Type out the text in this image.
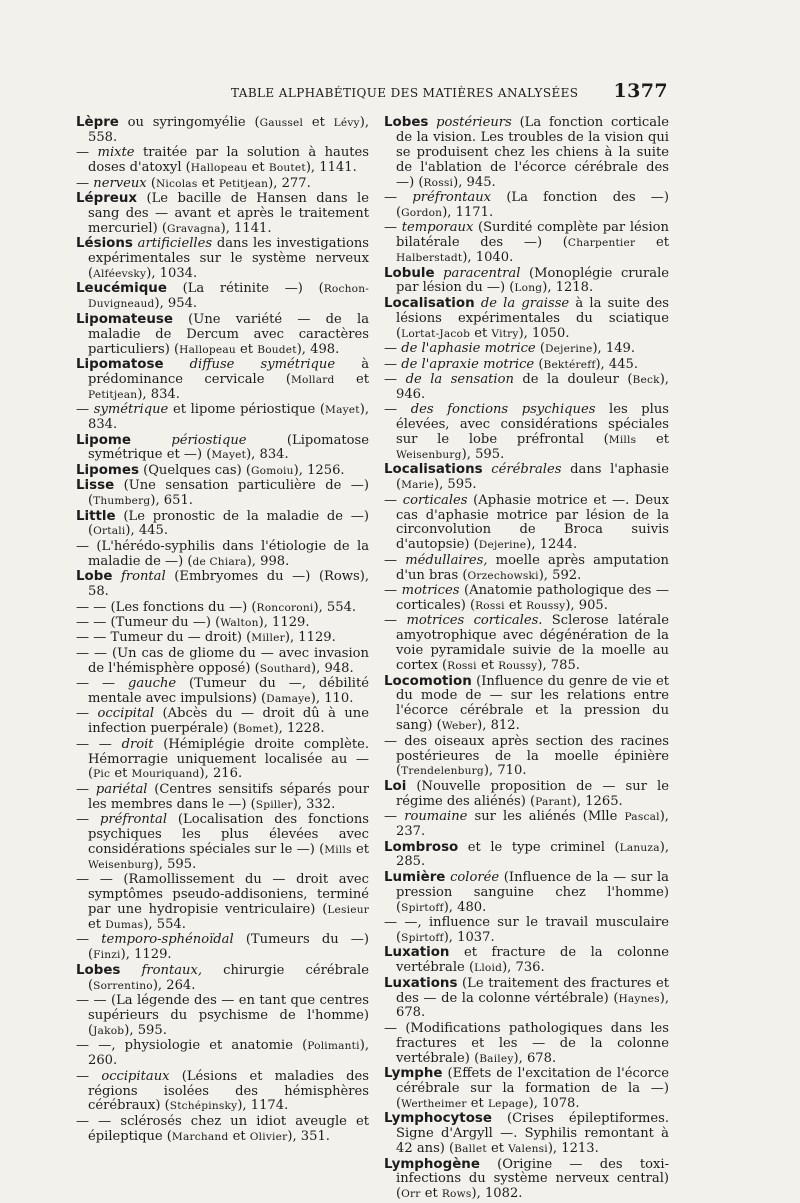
TABLE ALPHABÉTIQUE DES MATIÈRES ANALYSÉES 1377

Lèpre ou syringomyélie (Gaussel et Lévy), 558.

— mixte traitée par la solution à hautes doses d'atoxyl (Hallopeau et Boutet), 1141.

— nerveux (Nicolas et Petitjean), 277.

Lépreux (Le bacille de Hansen dans le sang des — avant et après le traitement mercuriel) (Gravagna), 1141.

Lésions artificielles dans les investigations expérimentales sur le système nerveux (Alféevsky), 1034.

Leucémique (La rétinite —) (Rochon-Duvigneaud), 954.

Lipomateuse (Une variété — de la maladie de Dercum avec caractères particuliers) (Hallopeau et Boudet), 498.

Lipomatose diffuse symétrique à prédominance cervicale (Mollard et Petitjean), 834.

— symétrique et lipome périostique (Mayet), 834.

Lipome	périostique (Lipomatose symétrique et —) (Mayet), 834.

Lipomes (Quelques cas) (Gomoiu), 1256.

Lisse (Une sensation particulière de —) (Thumberg), 651.

Little (Le pronostic de la maladie de —) (Ortali), 445.

— (L'hérédo-syphilis dans l'étiologie de la maladie de —) (de Chiara), 998.

Lobe frontal (Embryomes du —) (Rows), 58.

— — (Les fonctions du —) (Roncoroni), 554.

— — (Tumeur du —) (Walton), 1129.

— — Tumeur du — droit) (Miller), 1129.

— — (Un cas de gliome du — avec invasion de l'hémisphère opposé) (Southard), 948.

— — gauche (Tumeur du —, débilité mentale avec impulsions) (Damaye), 110.

— occipital (Abcès du — droit dû à une infection puerpérale) (Bomet), 1228.

— — droit (Hémiplégie droite complète. Hémorragie uniquement localisée au — (Pic et Mouriquand), 216.

— pariétal (Centres sensitifs séparés pour les membres dans le —) (Spiller), 332.

— préfrontal (Localisation des fonctions psychiques les plus élevées avec considérations spéciales sur le —) (Mills et Weisenburg), 595.

— — (Ramollissement du — droit avec symptômes pseudo-addisoniens, terminé par une hydropisie ventriculaire) (Lesieur et Dumas), 554.

— temporo-sphénoïdal (Tumeurs du —) (Finzi), 1129.

Lobes frontaux, chirurgie cérébrale (Sorrentino), 264.

— — (La légende des — en tant que centres supérieurs du psychisme de l'homme) (Jakob), 595.

— —, physiologie et anatomie (Polimanti), 260.

— occipitaux (Lésions et maladies des régions isolées des hémisphères cérébraux) (Stchépinsky), 1174.

— — sclérosés chez un idiot aveugle et épileptique (Marchand et Olivier), 351.

Lobes postérieurs (La fonction corticale de la vision. Les troubles de la vision qui se produisent chez les chiens à la suite de l'ablation de l'écorce cérébrale des —) (Rossi), 945.

— préfrontaux (La fonction des —) (Gordon), 1171.

— temporaux (Surdité complète par lésion bilatérale des —) (Charpentier et Halberstadt), 1040.

Lobule paracentral (Monoplégie crurale par lésion du —) (Long), 1218.

Localisation de la graisse à la suite des lésions expérimentales du sciatique (Lortat-Jacob et Vitry), 1050.

— de l'aphasie motrice (Dejerine), 149.

— de l'apraxie motrice (Bektéreff), 445.

— de la sensation de la douleur (Beck), 946.

— des fonctions psychiques les plus élevées, avec considérations spéciales sur le lobe préfrontal (Mills et Weisenburg), 595.

Localisations cérébrales dans l'aphasie (Marie), 595.

— corticales (Aphasie motrice et —. Deux cas d'aphasie motrice par lésion de la circonvolution de Broca suivis d'autopsie) (Dejerine), 1244.

— médullaires, moelle après amputation d'un bras (Orzechowski), 592.

— motrices (Anatomie pathologique des — corticales) (Rossi et Roussy), 905.

— motrices corticales. Sclerose latérale amyotrophique avec dégénération de la voie pyramidale suivie de la moelle au cortex (Rossi et Roussy), 785.

Locomotion (Influence du genre de vie et du mode de — sur les relations entre l'écorce cérébrale et la pression du sang) (Weber), 812.

— des oiseaux après section des racines postérieures de la moelle épinière (Trendelenburg), 710.

Loi (Nouvelle proposition de — sur le régime des aliénés) (Parant), 1265.

— roumaine sur les aliénés (Mlle Pascal), 237.

Lombroso et le type criminel (Lanuza), 285.

Lumière colorée (Influence de la — sur la pression sanguine chez l'homme) (Spirtoff), 480.

— —, influence sur le travail musculaire (Spirtoff), 1037.

Luxation et fracture de la colonne vertébrale (Lloid), 736.

Luxations (Le traitement des fractures et des — de la colonne vértébrale) (Haynes), 678.

— (Modifications pathologiques dans les fractures et les — de la colonne vertébrale) (Bailey), 678.

Lymphe (Effets de l'excitation de l'écorce cérébrale sur la formation de la —) (Wertheimer et Lepage), 1078.

Lymphocytose (Crises épileptiformes. Signe d'Argyll —. Syphilis remontant à 42 ans) (Ballet et Valensi), 1213.

Lymphogène (Origine — des toxi-infections du système nerveux central) (Orr et Rows), 1082.
